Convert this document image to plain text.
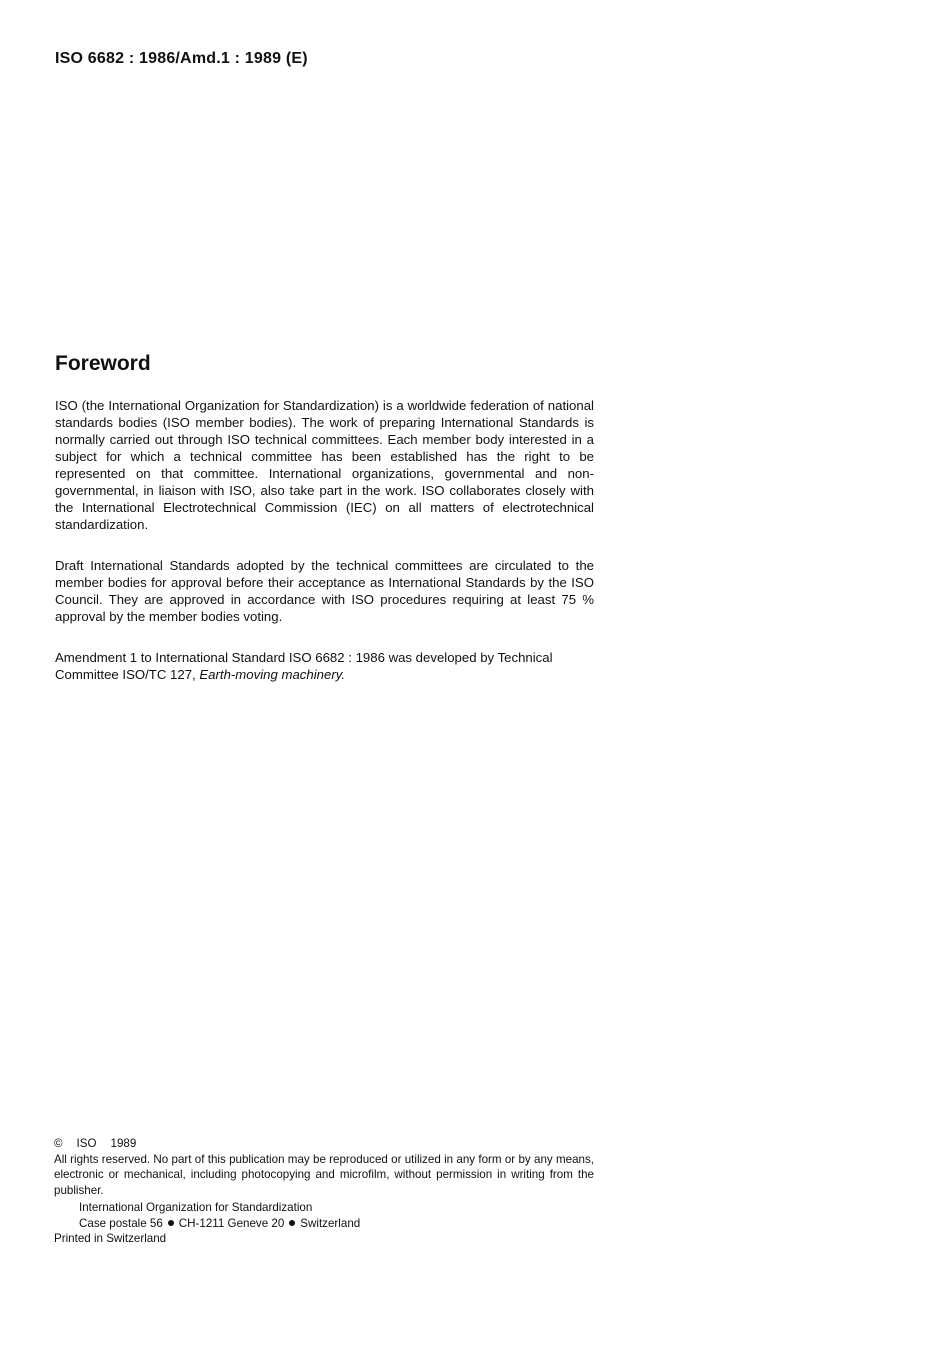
ISO 6682 : 1986/Amd.1 : 1989 (E)
Foreword

ISO (the International Organization for Standardization) is a worldwide federation of national standards bodies (ISO member bodies). The work of preparing International Standards is normally carried out through ISO technical committees. Each member body interested in a subject for which a technical committee has been established has the right to be represented on that committee. International organizations, governmental and non-governmental, in liaison with ISO, also take part in the work. ISO collaborates closely with the International Electrotechnical Commission (IEC) on all matters of electrotechnical standardization.

Draft International Standards adopted by the technical committees are circulated to the member bodies for approval before their acceptance as International Standards by the ISO Council. They are approved in accordance with ISO procedures requiring at least 75 % approval by the member bodies voting.

Amendment 1 to International Standard ISO 6682 : 1986 was developed by Technical Committee ISO/TC 127, Earth-moving machinery.

© ISO 1989

All rights reserved. No part of this publication may be reproduced or utilized in any form or by any means, electronic or mechanical, including photocopying and microfilm, without permission in writing from the publisher.

International Organization for Standardization
Case postale 56 CH-1211 Geneve 20 Switzerland
Printed in Switzerland
